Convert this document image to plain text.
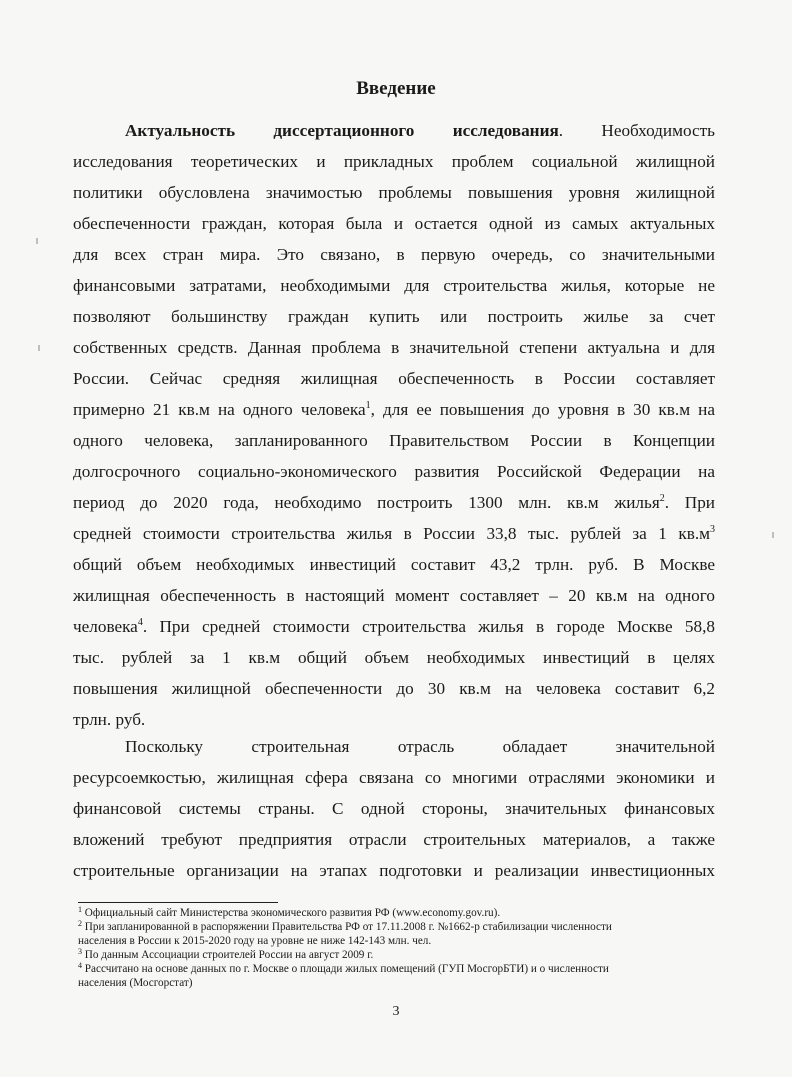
Введение
Актуальность диссертационного исследования. Необходимость
исследования теоретических и прикладных проблем социальной жилищной
политики обусловлена значимостью проблемы повышения уровня жилищной
обеспеченности граждан, которая была и остается одной из самых актуальных
для всех стран мира. Это связано, в первую очередь, со значительными
финансовыми затратами, необходимыми для строительства жилья, которые не
позволяют большинству граждан купить или построить жилье за счет
собственных средств. Данная проблема в значительной степени актуальна и для
России. Сейчас средняя жилищная обеспеченность в России составляет
примерно 21 кв.м на одного человека$^1$, для ее повышения до уровня в 30 кв.м на
одного человека, запланированного Правительством России в Концепции
долгосрочного социально-экономического развития Российской Федерации на
период до 2020 года, необходимо построить 1300 млн. кв.м жилья$^2$. При
средней стоимости строительства жилья в России 33,8 тыс. рублей за 1 $кв.м^3$
общий объем необходимых инвестиций составит 43,2 трлн. руб. В Москве
жилищная обеспеченность в настоящий момент составляет – 20 кв.м на одного
человека$^4$. При средней стоимости строительства жилья в городе Москве 58,8
тыс. рублей за 1 кв.м общий объем необходимых инвестиций в целях
повышения жилищной обеспеченности до 30 кв.м на человека составит 6,2
трлн. руб.
Поскольку строительная отрасль обладает значительной
ресурсоемкостью, жилищная сфера связана со многими отраслями экономики и
финансовой системы страны. С одной стороны, значительных финансовых
вложений требуют предприятия отрасли строительных материалов, а также
строительные организации на этапах подготовки и реализации инвестиционных
$^1$ Официальный сайт Министерства экономического развития РФ (www.economy.gov.ru).
$^2$ При запланированной в распоряжении Правительства РФ от 17.11.2008 г. №1662-р стабилизации численности
населения в России к 2015-2020 году на уровне не ниже 142-143 млн. чел.
$^3$ По данным Ассоциации строителей России на август 2009 г.
$^4$ Рассчитано на основе данных по г. Москве о площади жилых помещений (ГУП МосгорБТИ) и о численности
населения (Мосгорстат)
3
